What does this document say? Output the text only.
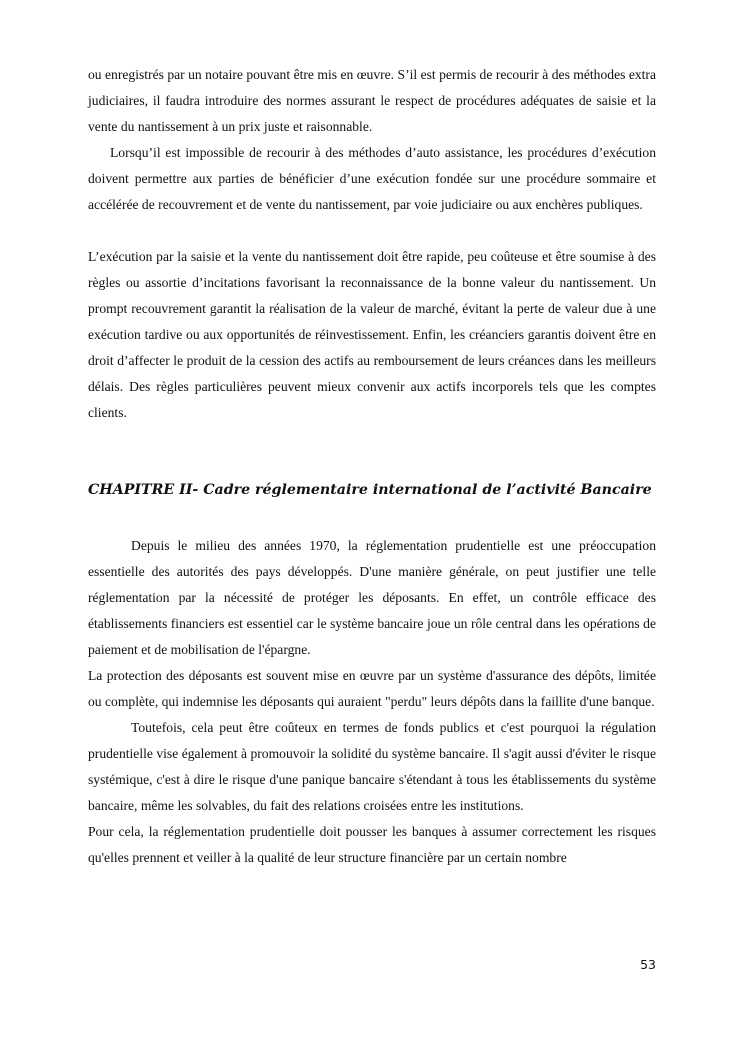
ou enregistrés par un notaire pouvant être mis en œuvre. S’il est permis de recourir à des méthodes extra judiciaires, il faudra introduire des normes assurant le respect de procédures adéquates de saisie et la vente du nantissement à un prix juste et raisonnable.

Lorsqu’il est impossible de recourir à des méthodes d’auto assistance, les procédures d’exécution doivent permettre aux parties de bénéficier d’une exécution fondée sur une procédure sommaire et accélérée de recouvrement et de vente du nantissement, par voie judiciaire ou aux enchères publiques.

L’exécution par la saisie et la vente du nantissement doit être rapide, peu coûteuse et être soumise à des règles ou assortie d’incitations favorisant la reconnaissance de la bonne valeur du nantissement. Un prompt recouvrement garantit la réalisation de la valeur de marché, évitant la perte de valeur due à une exécution tardive ou aux opportunités de réinvestissement. Enfin, les créanciers garantis doivent être en droit d’affecter le produit de la cession des actifs au remboursement de leurs créances dans les meilleurs délais. Des règles particulières peuvent mieux convenir aux actifs incorporels tels que les comptes clients.

CHAPITRE II- Cadre réglementaire international de l’activité Bancaire

Depuis le milieu des années 1970, la réglementation prudentielle est une préoccupation essentielle des autorités des pays développés. D'une manière générale, on peut justifier une telle réglementation par la nécessité de protéger les déposants. En effet, un contrôle efficace des établissements financiers est essentiel car le système bancaire joue un rôle central dans les opérations de paiement et de mobilisation de l'épargne.

La protection des déposants est souvent mise en œuvre par un système d'assurance des dépôts, limitée ou complète, qui indemnise les déposants qui auraient "perdu" leurs dépôts dans la faillite d'une banque.

Toutefois, cela peut être coûteux en termes de fonds publics et c'est pourquoi la régulation prudentielle vise également à promouvoir la solidité du système bancaire. Il s'agit aussi d'éviter le risque systémique, c'est à dire le risque d'une panique bancaire s'étendant à tous les établissements du système bancaire, même les solvables, du fait des relations croisées entre les institutions.

Pour cela, la réglementation prudentielle doit pousser les banques à assumer correctement les risques qu'elles prennent et veiller à la qualité de leur structure financière par un certain nombre

53
